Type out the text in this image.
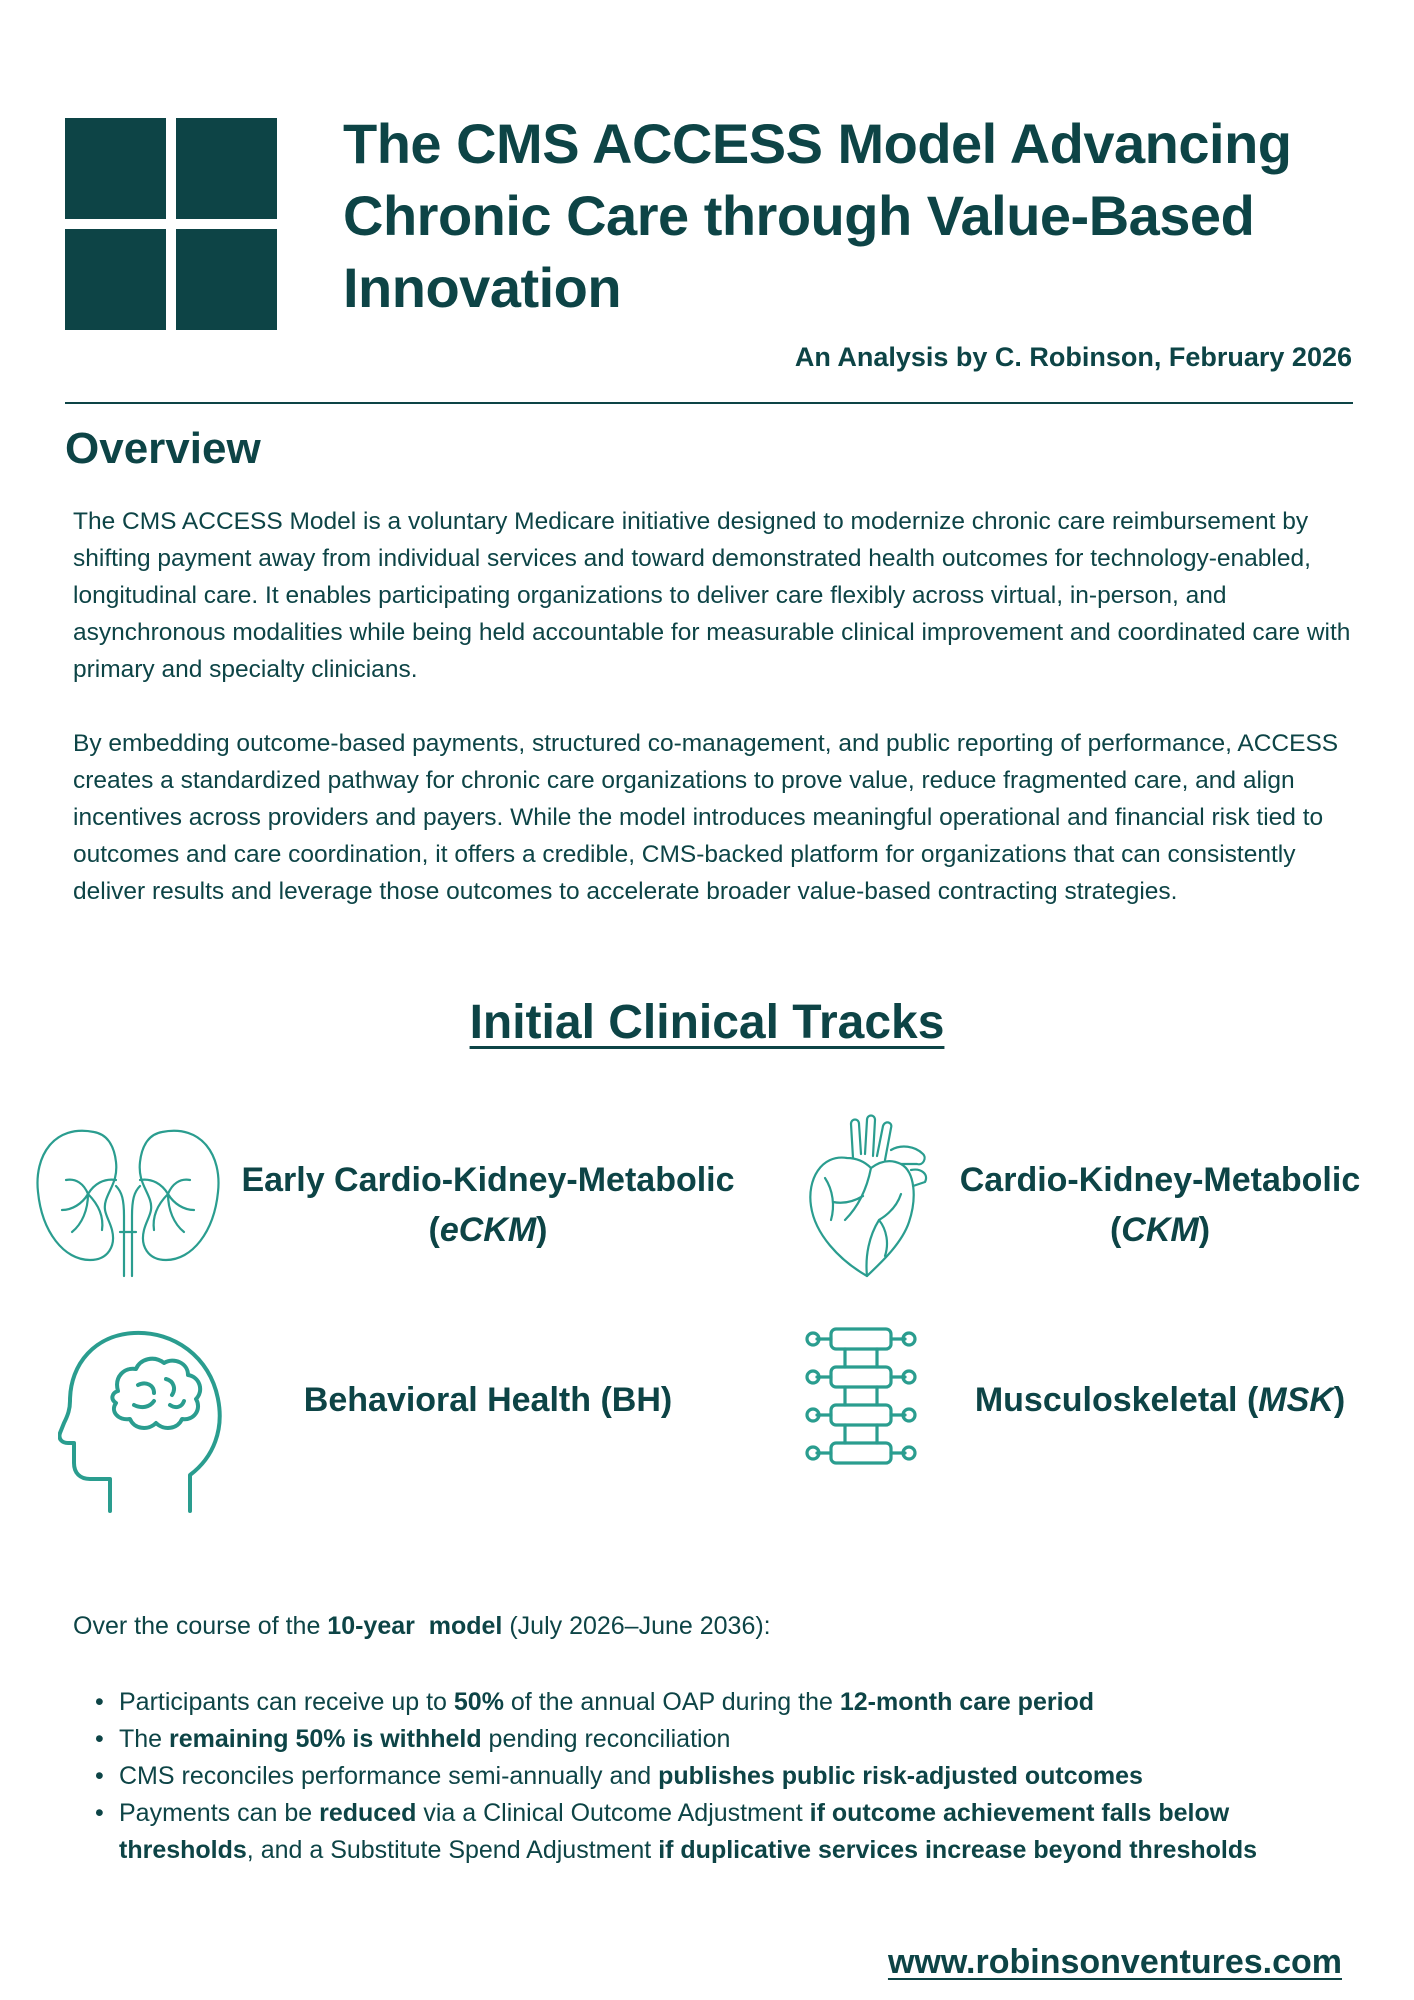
The CMS ACCESS Model Advancing Chronic Care through Value-Based Innovation

An Analysis by C. Robinson, February 2026

Overview

The CMS ACCESS Model is a voluntary Medicare initiative designed to modernize chronic care reimbursement by shifting payment away from individual services and toward demonstrated health outcomes for technology-enabled, longitudinal care. It enables participating organizations to deliver care flexibly across virtual, in-person, and asynchronous modalities while being held accountable for measurable clinical improvement and coordinated care with primary and specialty clinicians.

By embedding outcome-based payments, structured co-management, and public reporting of performance, ACCESS creates a standardized pathway for chronic care organizations to prove value, reduce fragmented care, and align incentives across providers and payers. While the model introduces meaningful operational and financial risk tied to outcomes and care coordination, it offers a credible, CMS-backed platform for organizations that can consistently deliver results and leverage those outcomes to accelerate broader value-based contracting strategies.

Initial Clinical Tracks

Early Cardio-Kidney-Metabolic
(eCKM)

Cardio-Kidney-Metabolic
(CKM)

Behavioral Health (BH)	Musculoskeletal (MSK)

Over the course of the 10-year  model (July 2026–June 2036):

• Participants can receive up to 50% of the annual OAP during the 12-month care period
• The remaining 50% is withheld pending reconciliation
• CMS reconciles performance semi-annually and publishes public risk-adjusted outcomes
• Payments can be reduced via a Clinical Outcome Adjustment if outcome achievement falls below thresholds, and a Substitute Spend Adjustment if duplicative services increase beyond thresholds

www.robinsonventures.com
